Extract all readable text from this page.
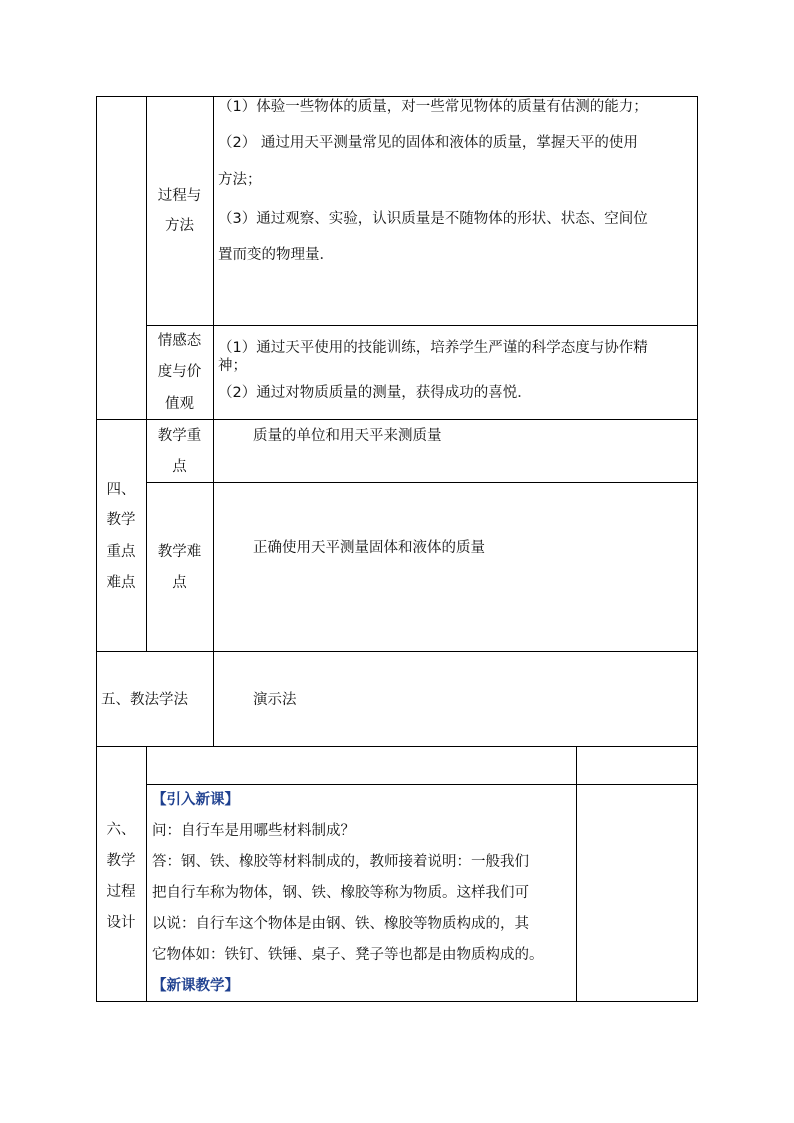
过程与
方法
（1）体验一些物体的质量，对一些常见物体的质量有估测的能力；
（2） 通过用天平测量常见的固体和液体的质量，掌握天平的使用
方法；
（3）通过观察、实验，认识质量是不随物体的形状、状态、空间位
置而变的物理量．
情感态
度与价
值观
（1）通过天平使用的技能训练，培养学生严谨的科学态度与协作精
神；
（2）通过对物质质量的测量，获得成功的喜悦．
四、
教学
重点
难点
教学重
点
质量的单位和用天平来测质量
教学难
点
正确使用天平测量固体和液体的质量
五、教法学法	演示法
六、
教学
过程
设计
【引入新课】
问：自行车是用哪些材料制成？
答：钢、铁、橡胶等材料制成的，教师接着说明：一般我们
把自行车称为物体，钢、铁、橡胶等称为物质。这样我们可
以说：自行车这个物体是由钢、铁、橡胶等物质构成的，其
它物体如：铁钉、铁锤、桌子、凳子等也都是由物质构成的。
【新课教学】
